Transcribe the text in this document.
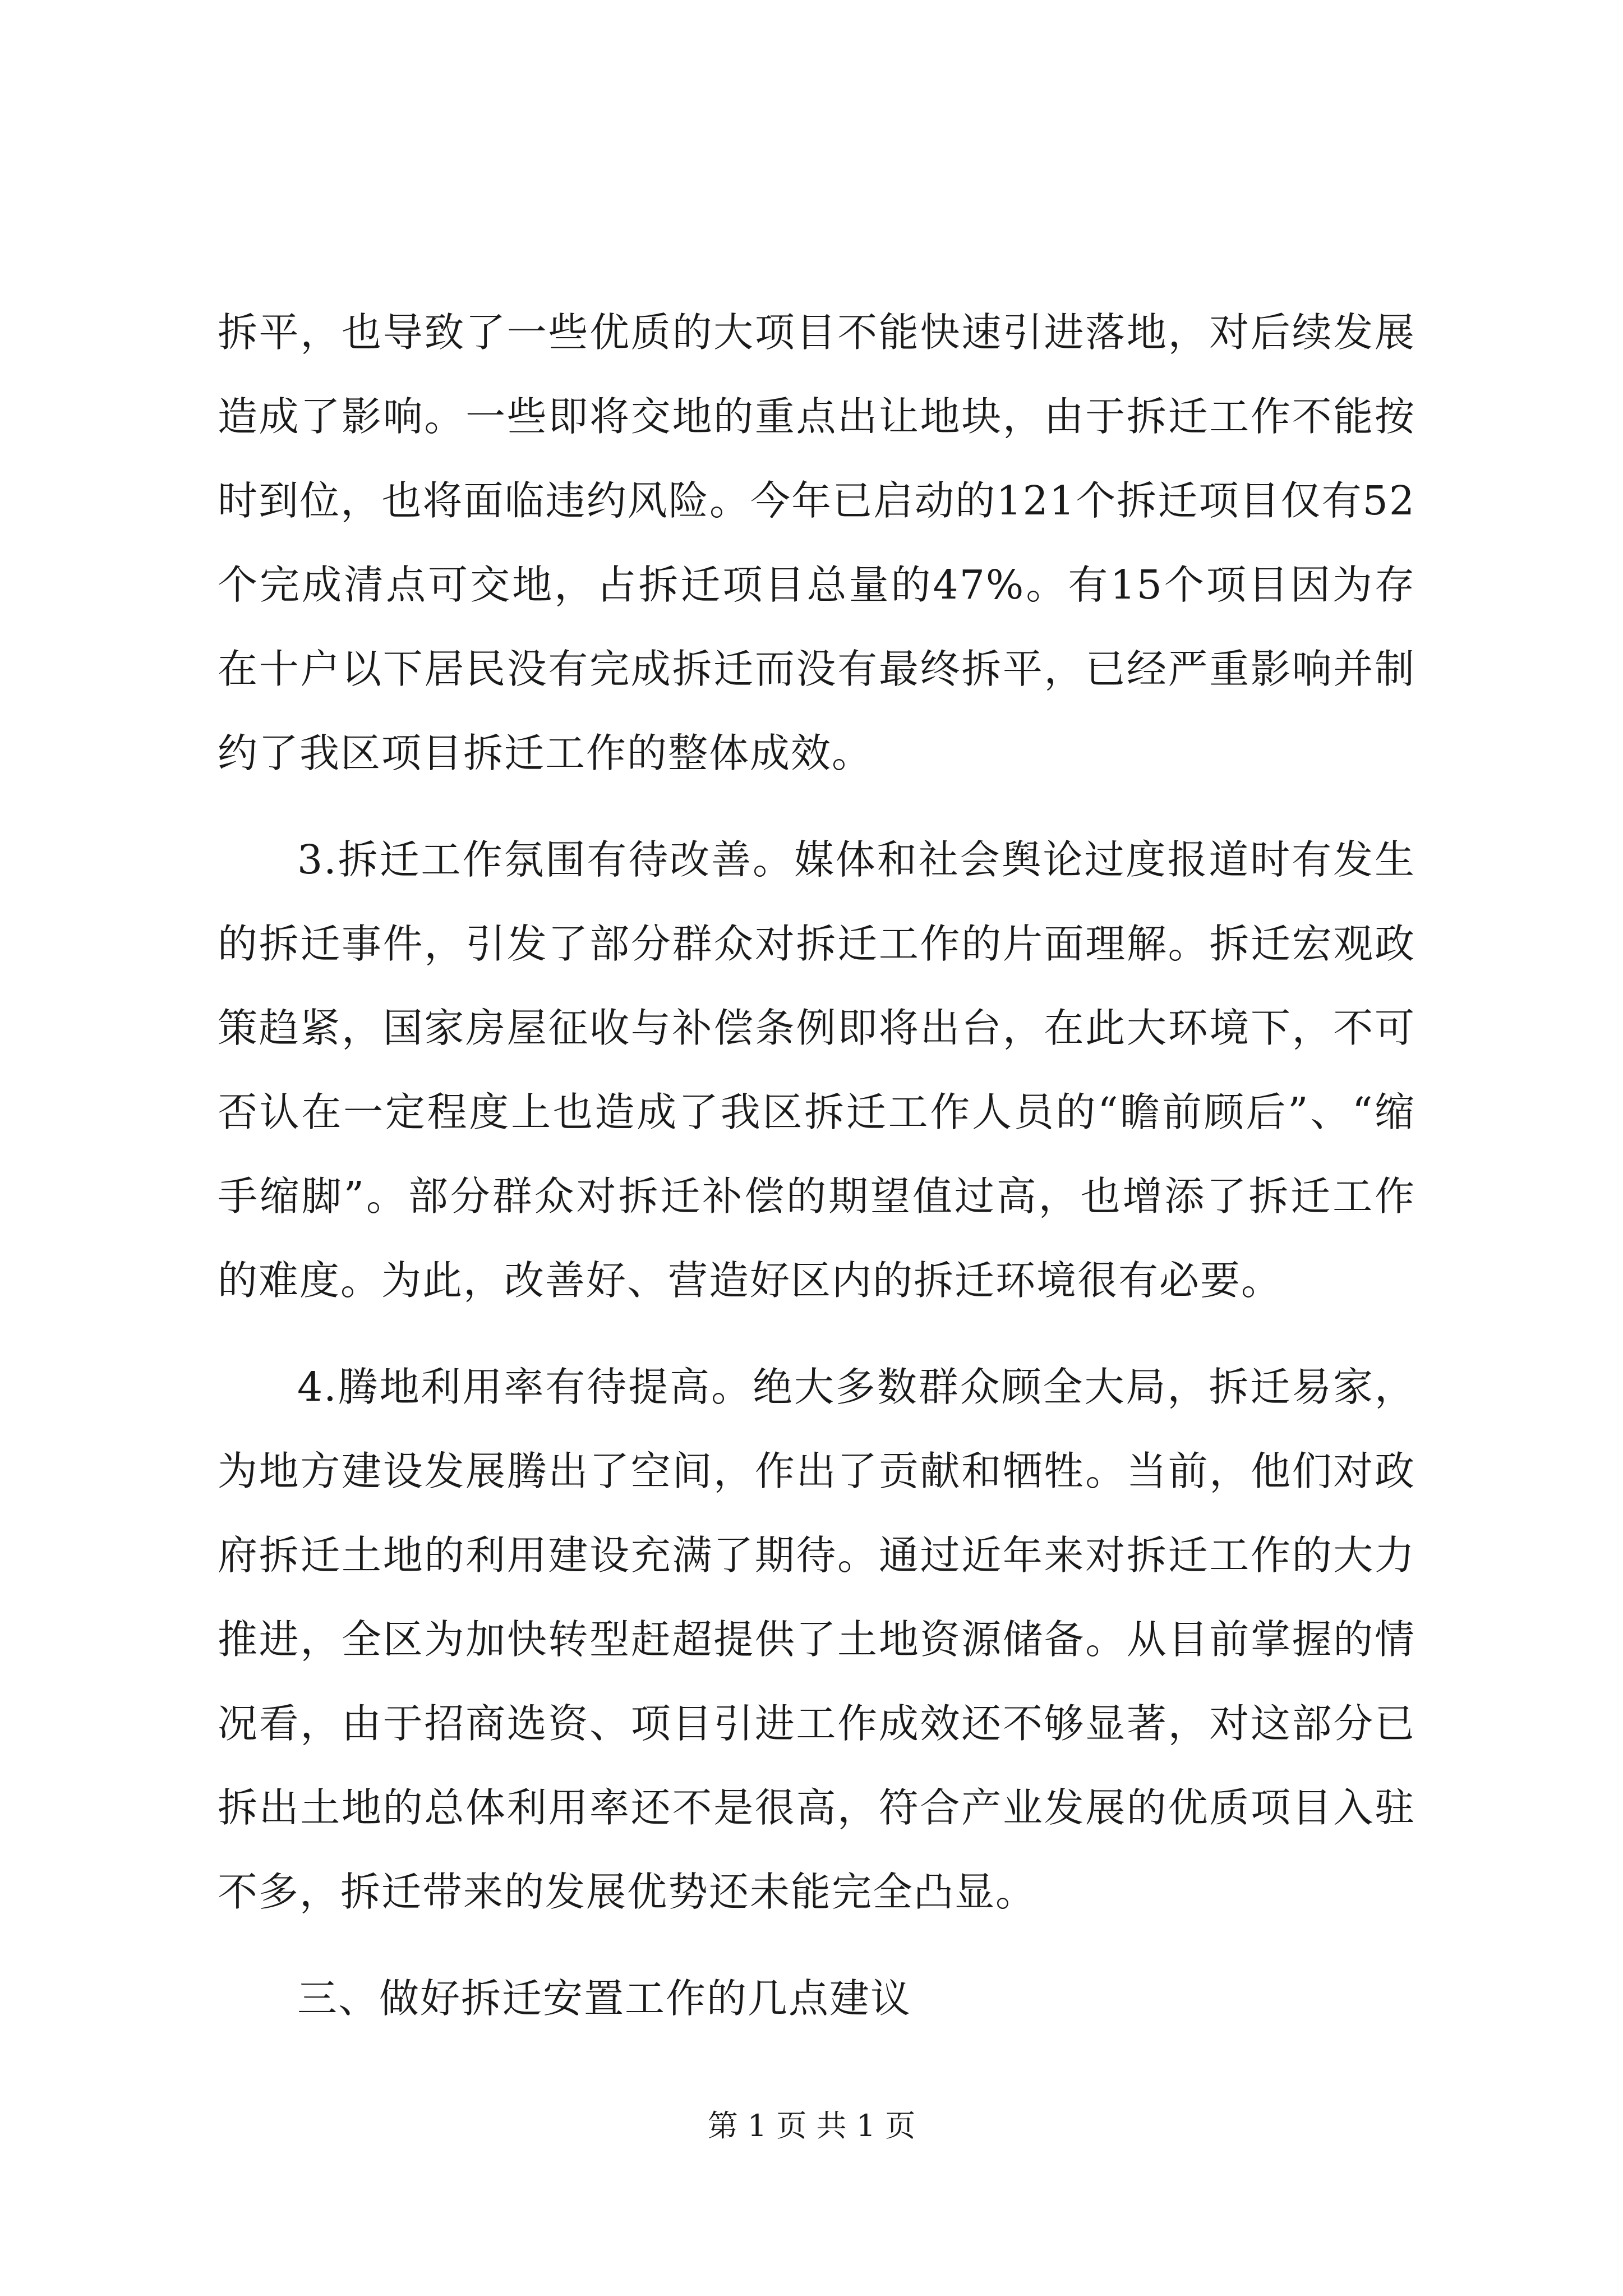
拆平，也导致了一些优质的大项目不能快速引进落地，对后续发展造成了影响。一些即将交地的重点出让地块，由于拆迁工作不能按时到位，也将面临违约风险。今年已启动的121个拆迁项目仅有52个完成清点可交地，占拆迁项目总量的47%。有15个项目因为存在十户以下居民没有完成拆迁而没有最终拆平，已经严重影响并制约了我区项目拆迁工作的整体成效。

3.拆迁工作氛围有待改善。媒体和社会舆论过度报道时有发生的拆迁事件，引发了部分群众对拆迁工作的片面理解。拆迁宏观政策趋紧，国家房屋征收与补偿条例即将出台，在此大环境下，不可否认在一定程度上也造成了我区拆迁工作人员的“瞻前顾后”、“缩手缩脚”。部分群众对拆迁补偿的期望值过高，也增添了拆迁工作的难度。为此，改善好、营造好区内的拆迁环境很有必要。

4.腾地利用率有待提高。绝大多数群众顾全大局，拆迁易家，为地方建设发展腾出了空间，作出了贡献和牺牲。当前，他们对政府拆迁土地的利用建设充满了期待。通过近年来对拆迁工作的大力推进，全区为加快转型赶超提供了土地资源储备。从目前掌握的情况看，由于招商选资、项目引进工作成效还不够显著，对这部分已拆出土地的总体利用率还不是很高，符合产业发展的优质项目入驻不多，拆迁带来的发展优势还未能完全凸显。

三、做好拆迁安置工作的几点建议

第 1 页 共 1 页
